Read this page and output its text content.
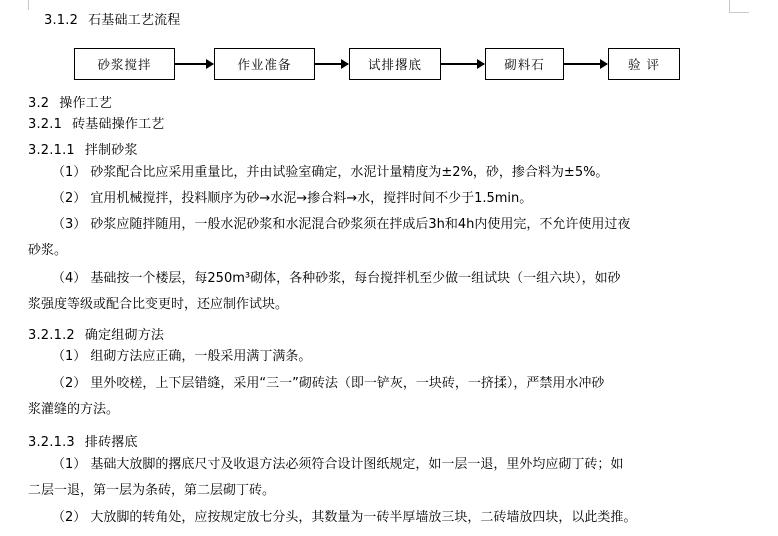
3.1.2 石基础工艺流程
砂浆搅拌	作业准备	试排撂底	砌料石	验 评
3.2 操作工艺
3.2.1 砖基础操作工艺
3.2.1.1 拌制砂浆
（1） 砂浆配合比应采用重量比，并由试验室确定，水泥计量精度为±2%，砂，掺合料为±5%。
（2） 宜用机械搅拌，投料顺序为砂→水泥→掺合料→水，搅拌时间不少于1.5min。
（3） 砂浆应随拌随用，一般水泥砂浆和水泥混合砂浆须在拌成后3h和4h内使用完，不允许使用过夜
砂浆。
（4） 基础按一个楼层，每250m³砌体，各种砂浆，每台搅拌机至少做一组试块（一组六块），如砂
浆强度等级或配合比变更时，还应制作试块。
3.2.1.2 确定组砌方法
（1） 组砌方法应正确，一般采用满丁满条。
（2） 里外咬槎，上下层错缝，采用“三一”砌砖法（即一铲灰，一块砖，一挤揉），严禁用水冲砂
浆灌缝的方法。
3.2.1.3 排砖撂底
（1） 基础大放脚的撂底尺寸及收退方法必须符合设计图纸规定，如一层一退，里外均应砌丁砖；如
二层一退，第一层为条砖，第二层砌丁砖。
（2） 大放脚的转角处，应按规定放七分头，其数量为一砖半厚墙放三块，二砖墙放四块，以此类推。
